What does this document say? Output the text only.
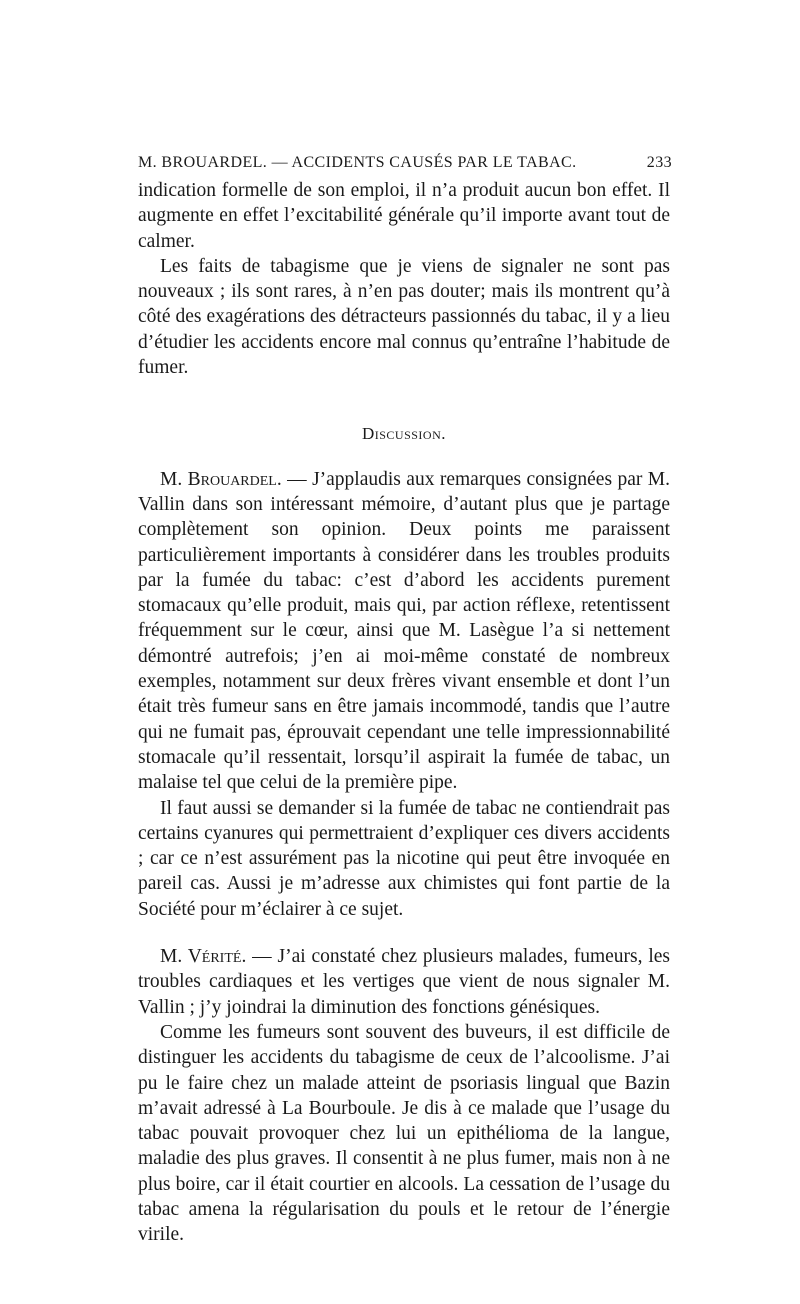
M. BROUARDEL. — ACCIDENTS CAUSÉS PAR LE TABAC.	233

indication formelle de son emploi, il n’a produit aucun bon effet. Il augmente en effet l’excitabilité générale qu’il importe avant tout de calmer.

Les faits de tabagisme que je viens de signaler ne sont pas nouveaux ; ils sont rares, à n’en pas douter; mais ils montrent qu’à côté des exagérations des détracteurs passionnés du tabac, il y a lieu d’étudier les accidents encore mal connus qu’entraîne l’habitude de fumer.

Discussion.

M. Brouardel. — J’applaudis aux remarques consignées par M. Vallin dans son intéressant mémoire, d’autant plus que je partage complètement son opinion. Deux points me paraissent particulièrement importants à considérer dans les troubles produits par la fumée du tabac: c’est d’abord les accidents purement stomacaux qu’elle produit, mais qui, par action réflexe, retentissent fréquemment sur le cœur, ainsi que M. Lasègue l’a si nettement démontré autrefois; j’en ai moi-même constaté de nombreux exemples, notamment sur deux frères vivant ensemble et dont l’un était très fumeur sans en être jamais incommodé, tandis que l’autre qui ne fumait pas, éprouvait cependant une telle impressionnabilité stomacale qu’il ressentait, lorsqu’il aspirait la fumée de tabac, un malaise tel que celui de la première pipe.

Il faut aussi se demander si la fumée de tabac ne contiendrait pas certains cyanures qui permettraient d’expliquer ces divers accidents ; car ce n’est assurément pas la nicotine qui peut être invoquée en pareil cas. Aussi je m’adresse aux chimistes qui font partie de la Société pour m’éclairer à ce sujet.

M. Vérité. — J’ai constaté chez plusieurs malades, fumeurs, les troubles cardiaques et les vertiges que vient de nous signaler M. Vallin ; j’y joindrai la diminution des fonctions génésiques.

Comme les fumeurs sont souvent des buveurs, il est difficile de distinguer les accidents du tabagisme de ceux de l’alcoolisme. J’ai pu le faire chez un malade atteint de psoriasis lingual que Bazin m’avait adressé à La Bourboule. Je dis à ce malade que l’usage du tabac pouvait provoquer chez lui un epithélioma de la langue, maladie des plus graves. Il consentit à ne plus fumer, mais non à ne plus boire, car il était courtier en alcools. La cessation de l’usage du tabac amena la régularisation du pouls et le retour de l’énergie virile.
